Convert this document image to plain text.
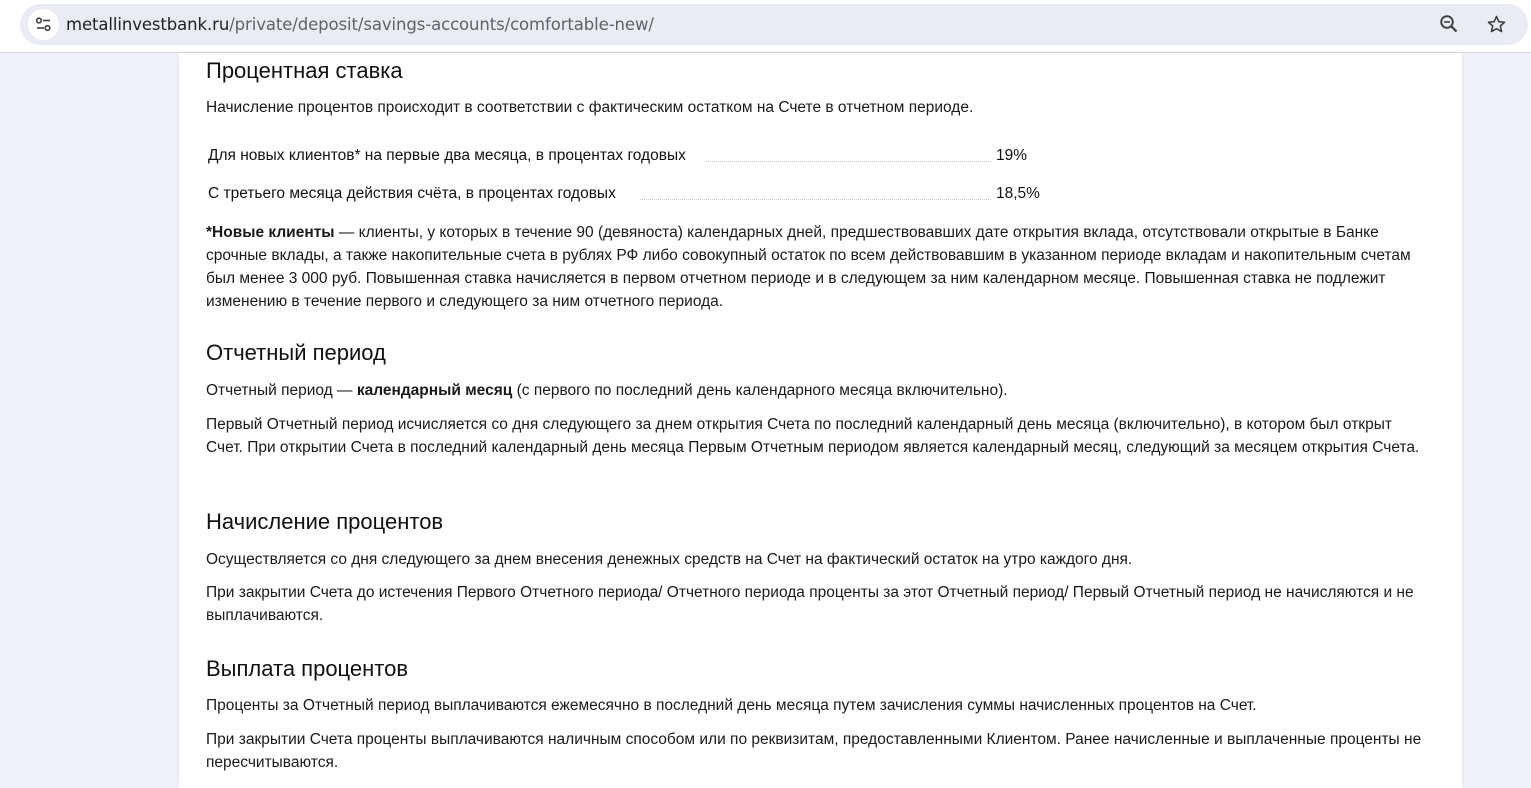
metallinvestbank.ru/private/deposit/savings-accounts/comfortable-new/
Процентная ставка

Начисление процентов происходит в соответствии с фактическим остатком на Счете в отчетном периоде.

Для новых клиентов* на первые два месяца, в процентах годовых	19%
С третьего месяца действия счёта, в процентах годовых	18,5%

*Новые клиенты — клиенты, у которых в течение 90 (девяноста) календарных дней, предшествовавших дате открытия вклада, отсутствовали открытые в Банке срочные вклады, а также накопительные счета в рублях РФ либо совокупный остаток по всем действовавшим в указанном периоде вкладам и накопительным счетам был менее 3 000 руб. Повышенная ставка начисляется в первом отчетном периоде и в следующем за ним календарном месяце. Повышенная ставка не подлежит изменению в течение первого и следующего за ним отчетного периода.

Отчетный период

Отчетный период — календарный месяц (с первого по последний день календарного месяца включительно).

Первый Отчетный период исчисляется со дня следующего за днем открытия Счета по последний календарный день месяца (включительно), в котором был открыт Счет. При открытии Счета в последний календарный день месяца Первым Отчетным периодом является календарный месяц, следующий за месяцем открытия Счета.

Начисление процентов

Осуществляется со дня следующего за днем внесения денежных средств на Счет на фактический остаток на утро каждого дня.

При закрытии Счета до истечения Первого Отчетного периода/ Отчетного периода проценты за этот Отчетный период/ Первый Отчетный период не начисляются и не выплачиваются.

Выплата процентов

Проценты за Отчетный период выплачиваются ежемесячно в последний день месяца путем зачисления суммы начисленных процентов на Счет.

При закрытии Счета проценты выплачиваются наличным способом или по реквизитам, предоставленными Клиентом. Ранее начисленные и выплаченные проценты не пересчитываются.
